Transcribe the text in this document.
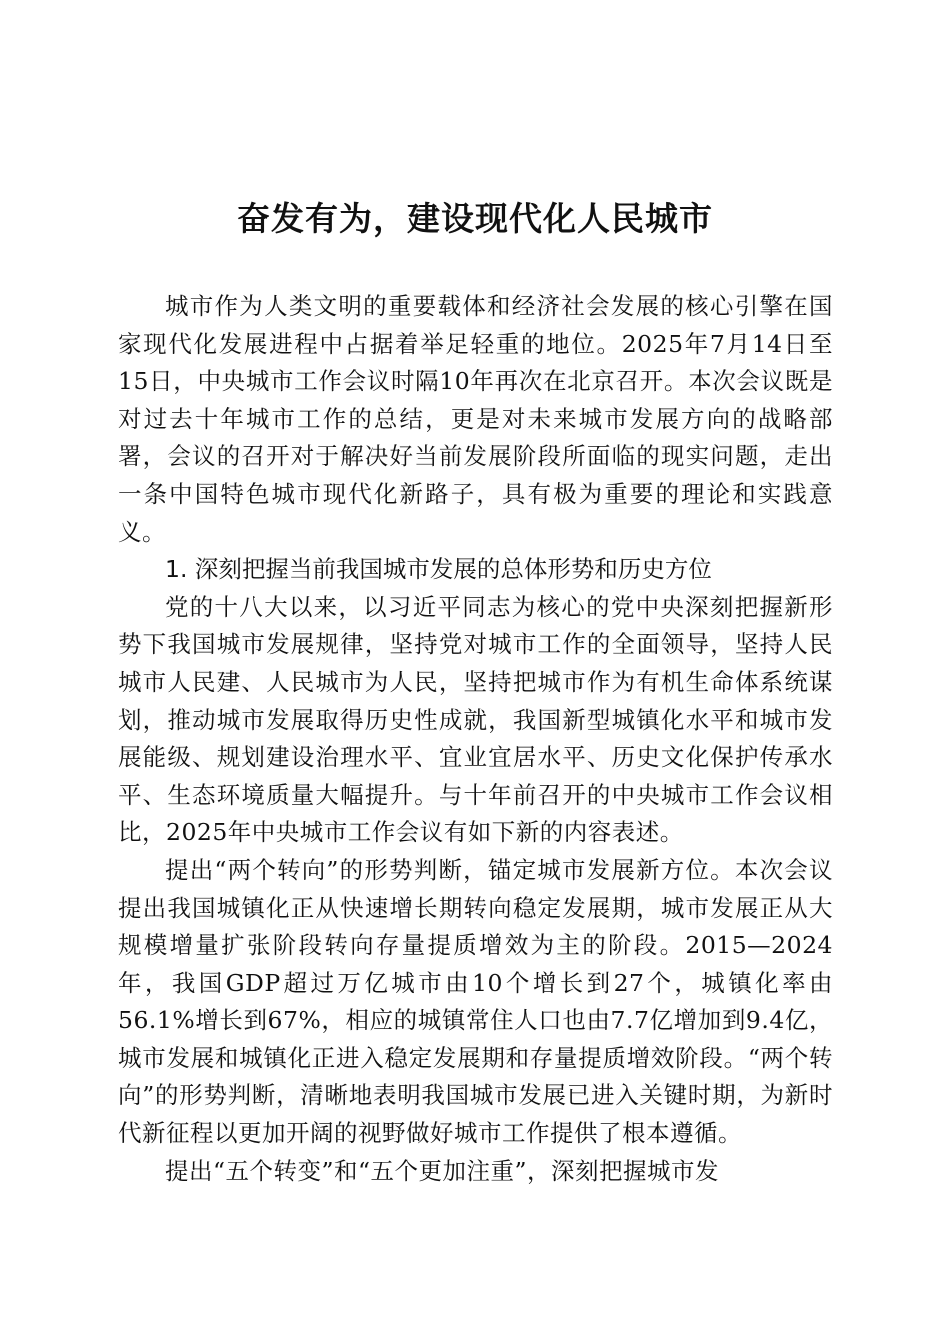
奋发有为，建设现代化人民城市

城市作为人类文明的重要载体和经济社会发展的核心引擎在国家现代化发展进程中占据着举足轻重的地位。2025年7月14日至15日，中央城市工作会议时隔10年再次在北京召开。本次会议既是对过去十年城市工作的总结，更是对未来城市发展方向的战略部署，会议的召开对于解决好当前发展阶段所面临的现实问题，走出一条中国特色城市现代化新路子，具有极为重要的理论和实践意义。

1. 深刻把握当前我国城市发展的总体形势和历史方位

党的十八大以来，以习近平同志为核心的党中央深刻把握新形势下我国城市发展规律，坚持党对城市工作的全面领导，坚持人民城市人民建、人民城市为人民，坚持把城市作为有机生命体系统谋划，推动城市发展取得历史性成就，我国新型城镇化水平和城市发展能级、规划建设治理水平、宜业宜居水平、历史文化保护传承水平、生态环境质量大幅提升。与十年前召开的中央城市工作会议相比，2025年中央城市工作会议有如下新的内容表述。

提出“两个转向”的形势判断，锚定城市发展新方位。本次会议提出我国城镇化正从快速增长期转向稳定发展期，城市发展正从大规模增量扩张阶段转向存量提质增效为主的阶段。2015—2024年，我国GDP超过万亿城市由10个增长到27个，城镇化率由56.1%增长到67%，相应的城镇常住人口也由7.7亿增加到9.4亿，城市发展和城镇化正进入稳定发展期和存量提质增效阶段。“两个转向”的形势判断，清晰地表明我国城市发展已进入关键时期，为新时代新征程以更加开阔的视野做好城市工作提供了根本遵循。

提出“五个转变”和“五个更加注重”，深刻把握城市发
